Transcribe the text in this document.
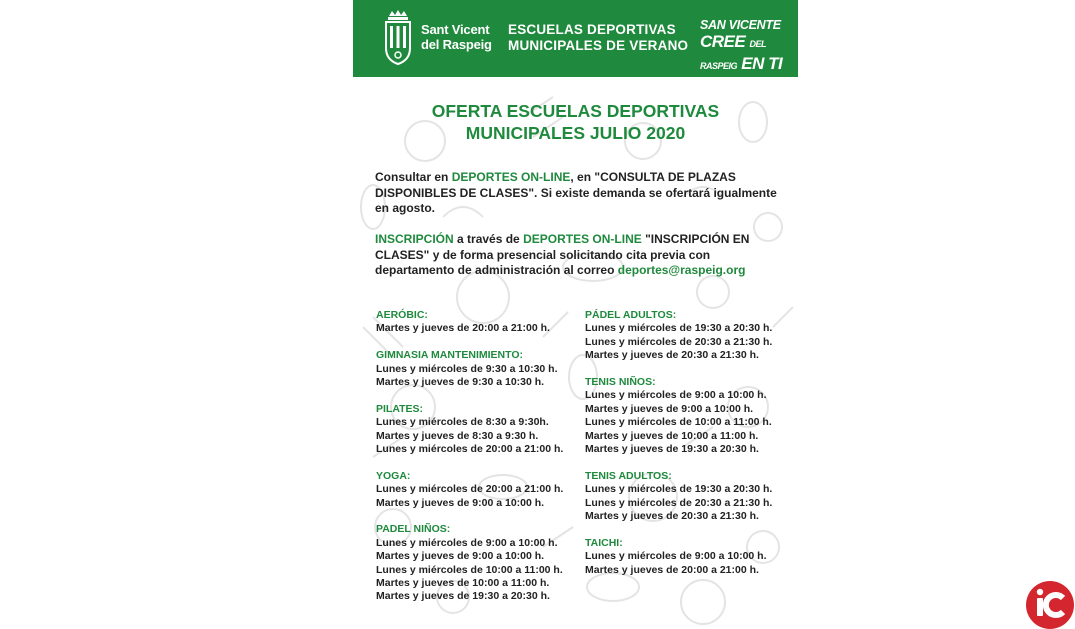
Sant Vicent
del Raspeig
ESCUELAS DEPORTIVAS
MUNICIPALES DE VERANO
SAN VICENTE
CREE DEL RASPEIG EN TI
OFERTA ESCUELAS DEPORTIVAS
MUNICIPALES JULIO 2020
Consultar en DEPORTES ON-LINE, en "CONSULTA DE PLAZAS DISPONIBLES DE CLASES". Si existe demanda se ofertará igualmente en agosto.
INSCRIPCIÓN a través de DEPORTES ON-LINE "INSCRIPCIÓN EN CLASES" y de forma presencial solicitando cita previa con departamento de administración al correo deportes@raspeig.org
AERÓBIC:
Martes y jueves de 20:00 a 21:00 h.
GIMNASIA MANTENIMIENTO:
Lunes y miércoles de 9:30 a 10:30 h.
Martes y jueves de 9:30 a 10:30 h.
PILATES:
Lunes y miércoles de 8:30 a 9:30h.
Martes y jueves de 8:30 a 9:30 h.
Lunes y miércoles de 20:00 a 21:00 h.
YOGA:
Lunes y miércoles de 20:00 a 21:00 h.
Martes y jueves de 9:00 a 10:00 h.
PADEL NIÑOS:
Lunes y miércoles de 9:00 a 10:00 h.
Martes y jueves de 9:00 a 10:00 h.
Lunes y miércoles de 10:00 a 11:00 h.
Martes y jueves de 10:00 a 11:00 h.
Martes y jueves de 19:30 a 20:30 h.
PÁDEL ADULTOS:
Lunes y miércoles de 19:30 a 20:30 h.
Lunes y miércoles de 20:30 a 21:30 h.
Martes y jueves de 20:30 a 21:30 h.
TENIS NIÑOS:
Lunes y miércoles de 9:00 a 10:00 h.
Martes y jueves de 9:00 a 10:00 h.
Lunes y miércoles de 10:00 a 11:00 h.
Martes y jueves de 10:00 a 11:00 h.
Martes y jueves de 19:30 a 20:30 h.
TENIS ADULTOS:
Lunes y miércoles de 19:30 a 20:30 h.
Lunes y miércoles de 20:30 a 21:30 h.
Martes y jueves de 20:30 a 21:30 h.
TAICHI:
Lunes y miércoles de 9:00 a 10:00 h.
Martes y jueves de 20:00 a 21:00 h.
